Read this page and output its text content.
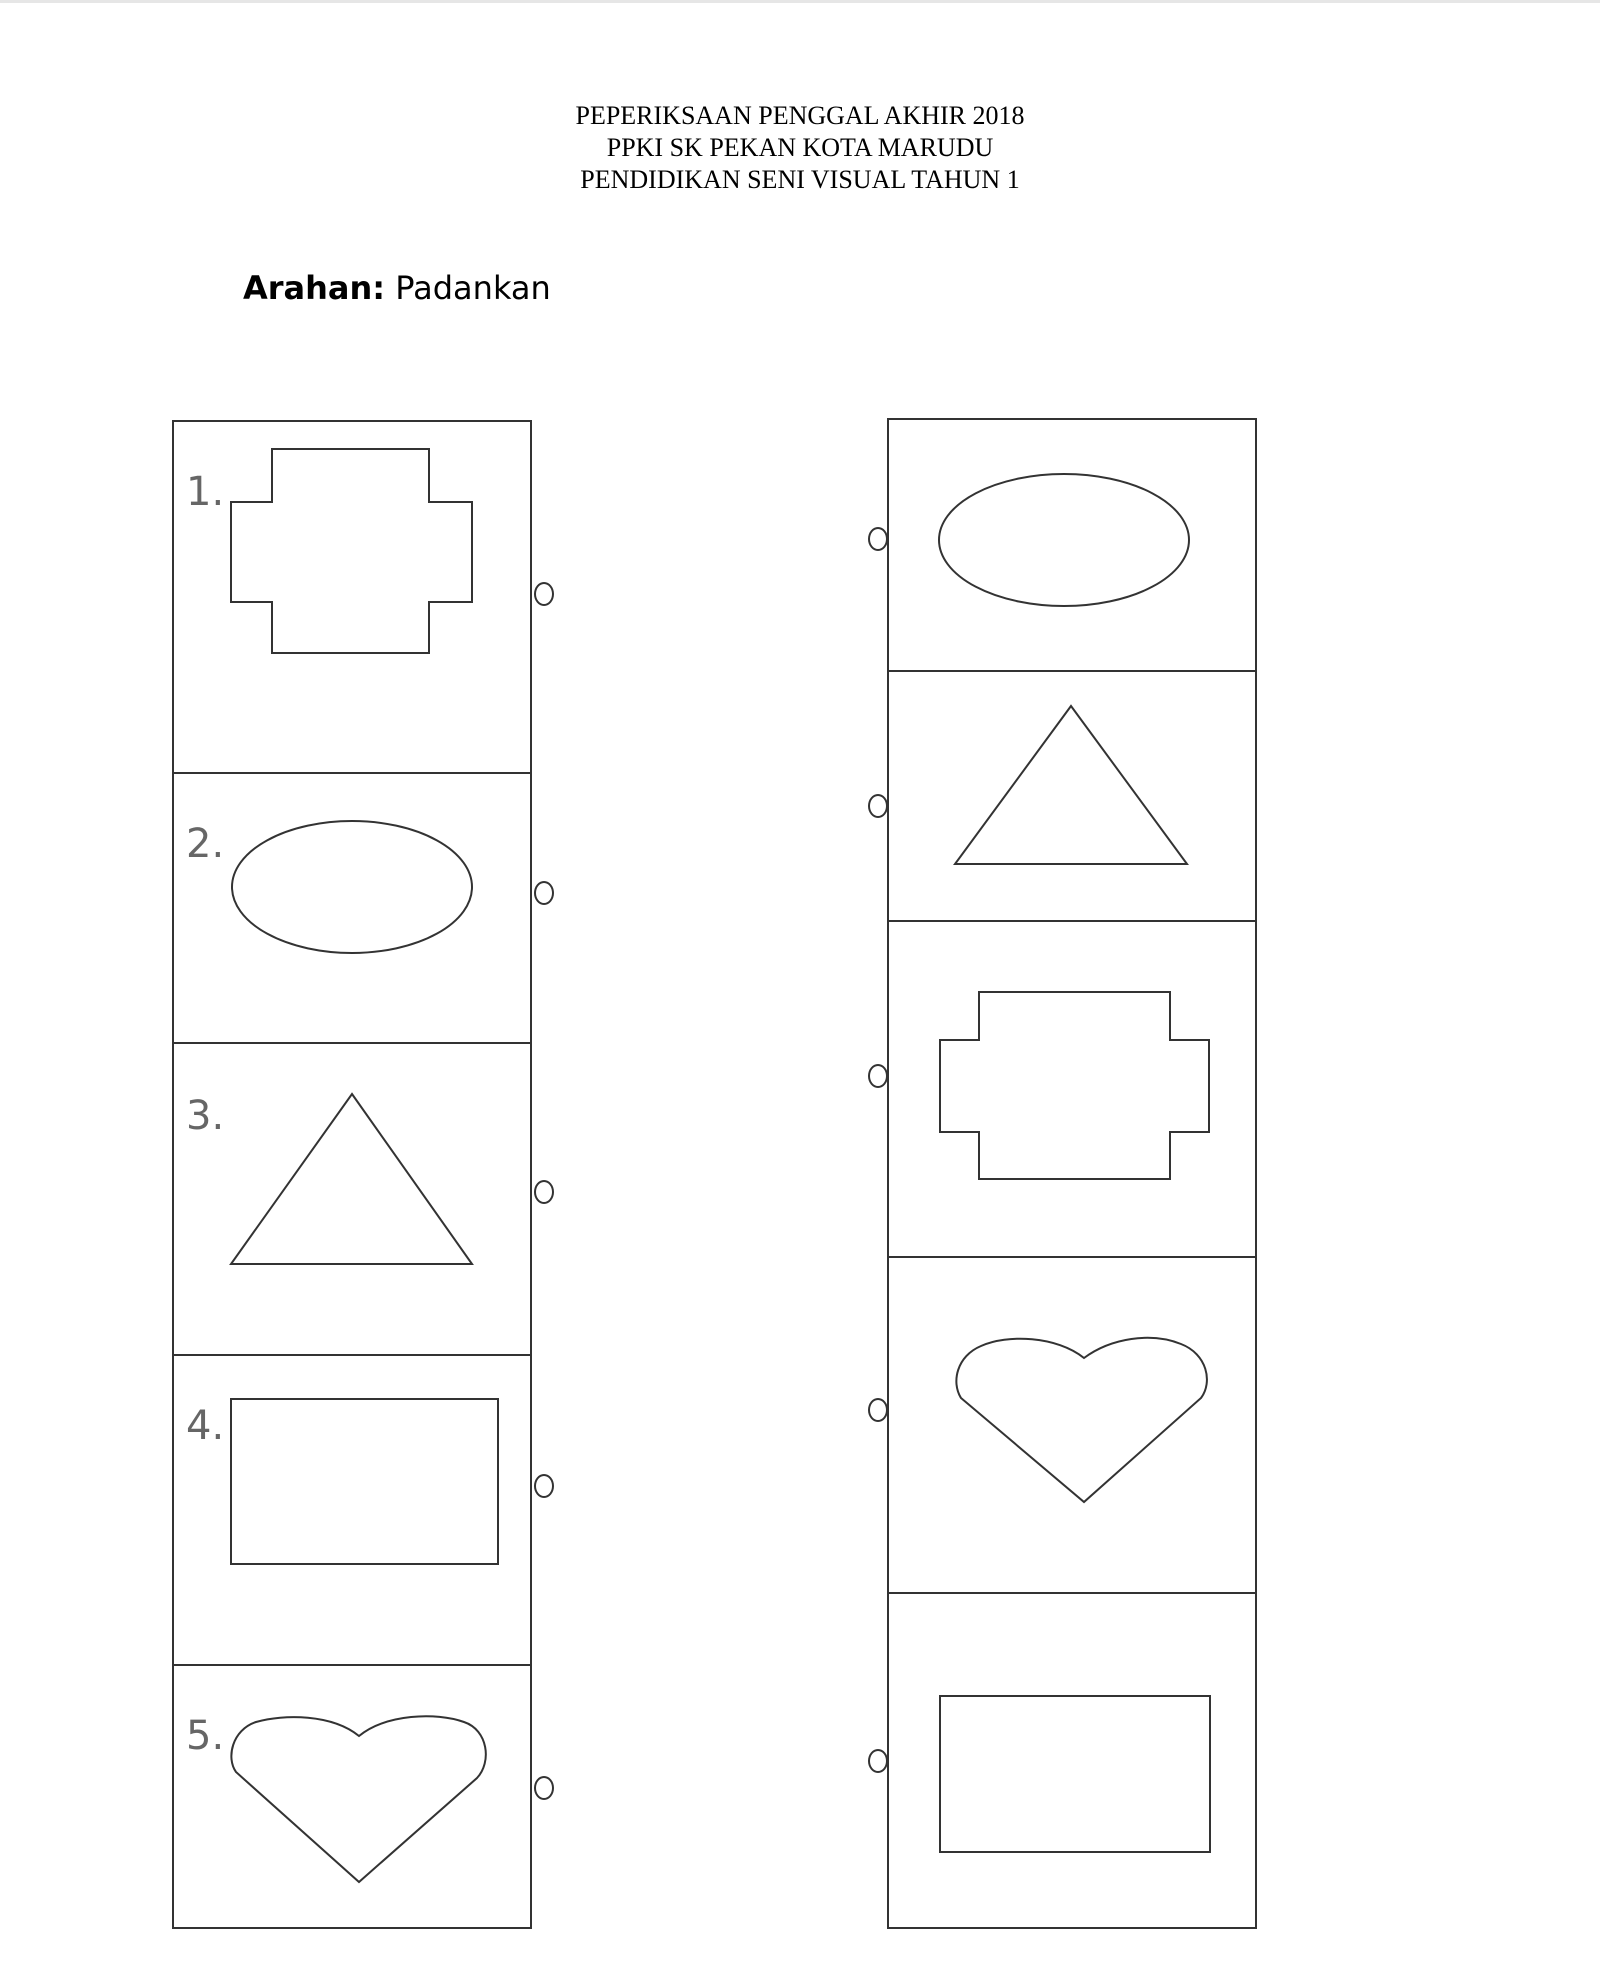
PEPERIKSAAN PENGGAL AKHIR 2018
PPKI SK PEKAN KOTA MARUDU
PENDIDIKAN SENI VISUAL TAHUN 1
Arahan: Padankan
1.
2.
3.
4.
5.
